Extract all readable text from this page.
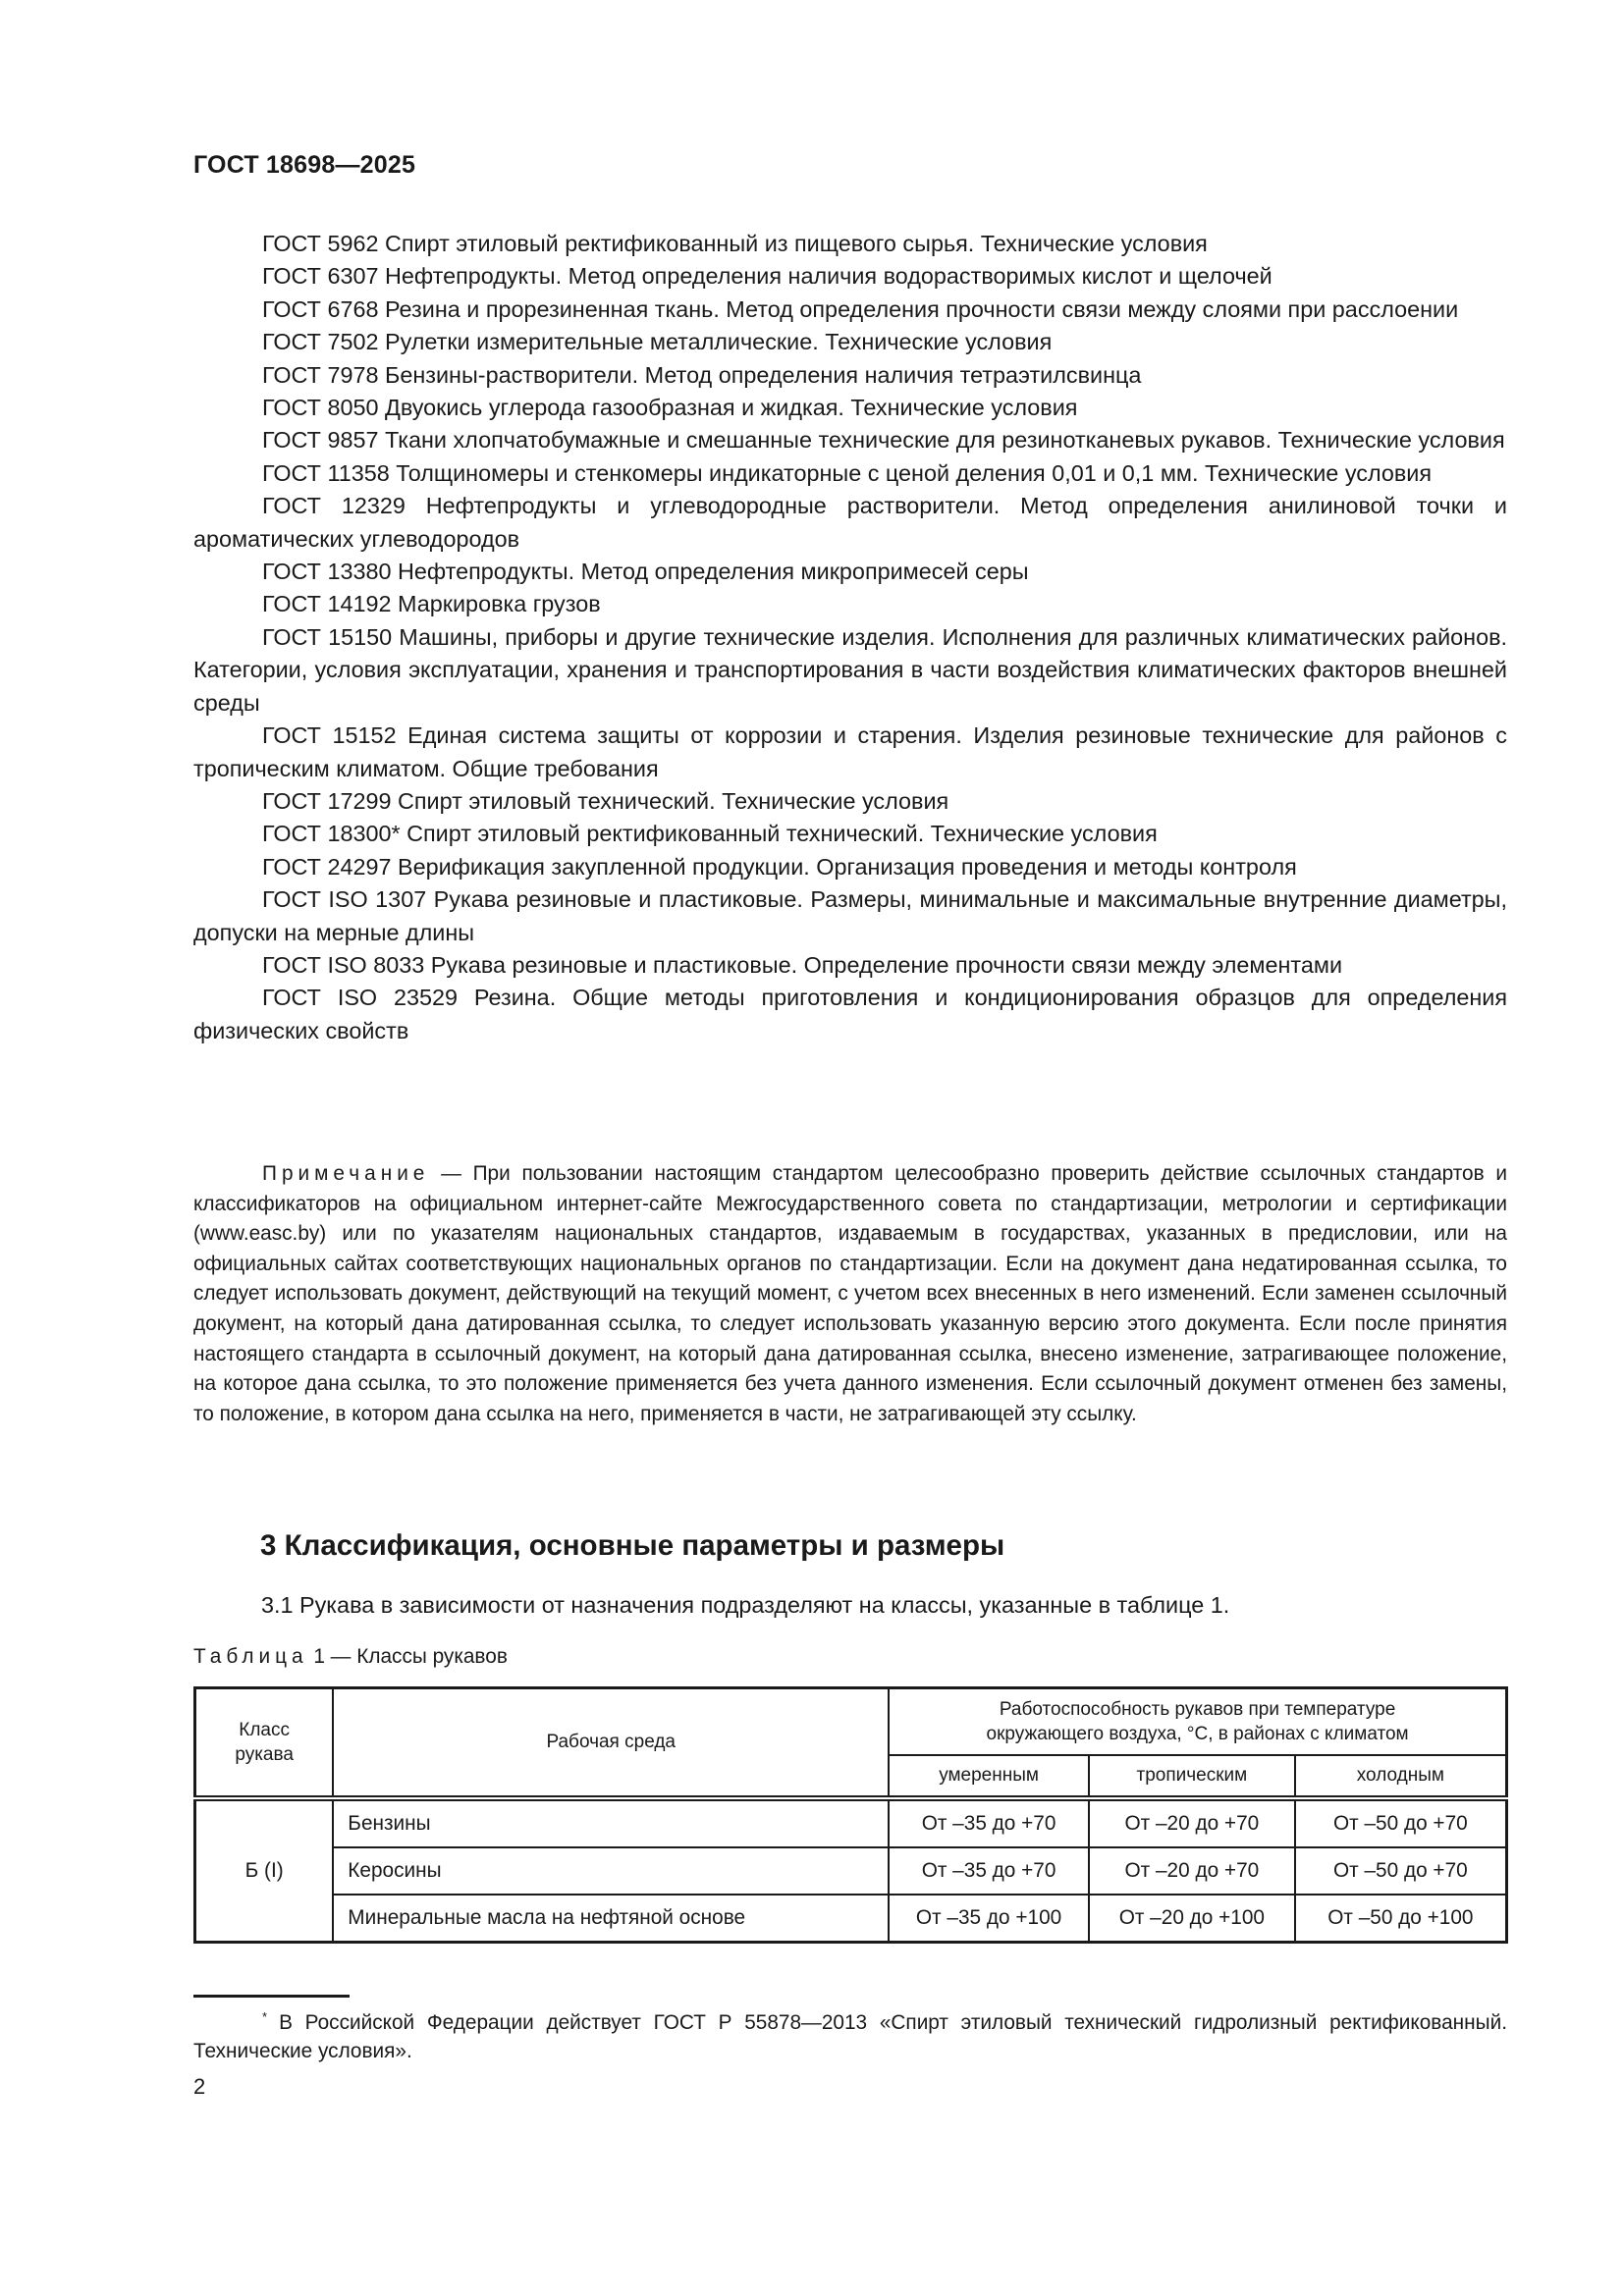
ГОСТ 18698—2025

ГОСТ 5962 Спирт этиловый ректификованный из пищевого сырья. Технические условия

ГОСТ 6307 Нефтепродукты. Метод определения наличия водорастворимых кислот и щелочей

ГОСТ 6768 Резина и прорезиненная ткань. Метод определения прочности связи между слоями при расслоении

ГОСТ 7502 Рулетки измерительные металлические. Технические условия

ГОСТ 7978 Бензины-растворители. Метод определения наличия тетраэтилсвинца

ГОСТ 8050 Двуокись углерода газообразная и жидкая. Технические условия

ГОСТ 9857 Ткани хлопчатобумажные и смешанные технические для резинотканевых рукавов. Технические условия

ГОСТ 11358 Толщиномеры и стенкомеры индикаторные с ценой деления 0,01 и 0,1 мм. Технические условия

ГОСТ 12329 Нефтепродукты и углеводородные растворители. Метод определения анилиновой точки и ароматических углеводородов

ГОСТ 13380 Нефтепродукты. Метод определения микропримесей серы

ГОСТ 14192 Маркировка грузов

ГОСТ 15150 Машины, приборы и другие технические изделия. Исполнения для различных климатических районов. Категории, условия эксплуатации, хранения и транспортирования в части воздействия климатических факторов внешней среды

ГОСТ 15152 Единая система защиты от коррозии и старения. Изделия резиновые технические для районов с тропическим климатом. Общие требования

ГОСТ 17299 Спирт этиловый технический. Технические условия

ГОСТ 18300* Спирт этиловый ректификованный технический. Технические условия

ГОСТ 24297 Верификация закупленной продукции. Организация проведения и методы контроля

ГОСТ ISO 1307 Рукава резиновые и пластиковые. Размеры, минимальные и максимальные внутренние диаметры, допуски на мерные длины

ГОСТ ISO 8033 Рукава резиновые и пластиковые. Определение прочности связи между элементами

ГОСТ ISO 23529 Резина. Общие методы приготовления и кондиционирования образцов для определения физических свойств

Примечание — При пользовании настоящим стандартом целесообразно проверить действие ссылочных стандартов и классификаторов на официальном интернет-сайте Межгосударственного совета по стандартизации, метрологии и сертификации (www.easc.by) или по указателям национальных стандартов, издаваемым в государствах, указанных в предисловии, или на официальных сайтах соответствующих национальных органов по стандартизации. Если на документ дана недатированная ссылка, то следует использовать документ, действующий на текущий момент, с учетом всех внесенных в него изменений. Если заменен ссылочный документ, на который дана датированная ссылка, то следует использовать указанную версию этого документа. Если после принятия настоящего стандарта в ссылочный документ, на который дана датированная ссылка, внесено изменение, затрагивающее положение, на которое дана ссылка, то это положение применяется без учета данного изменения. Если ссылочный документ отменен без замены, то положение, в котором дана ссылка на него, применяется в части, не затрагивающей эту ссылку.

3 Классификация, основные параметры и размеры

3.1 Рукава в зависимости от назначения подразделяют на классы, указанные в таблице 1.

Таблица 1 — Классы рукавов

Класс рукава	Рабочая среда	Работоспособность рукавов при температуре окружающего воздуха, °С, в районах с климатом		
		умеренным	тропическим	холодным
Б (I)	Бензины	От –35 до +70	От –20 до +70	От –50 до +70
	Керосины	От –35 до +70	От –20 до +70	От –50 до +70
	Минеральные масла на нефтяной основе	От –35 до +100	От –20 до +100	От –50 до +100

* В Российской Федерации действует ГОСТ Р 55878—2013 «Спирт этиловый технический гидролизный ректификованный. Технические условия».

2
